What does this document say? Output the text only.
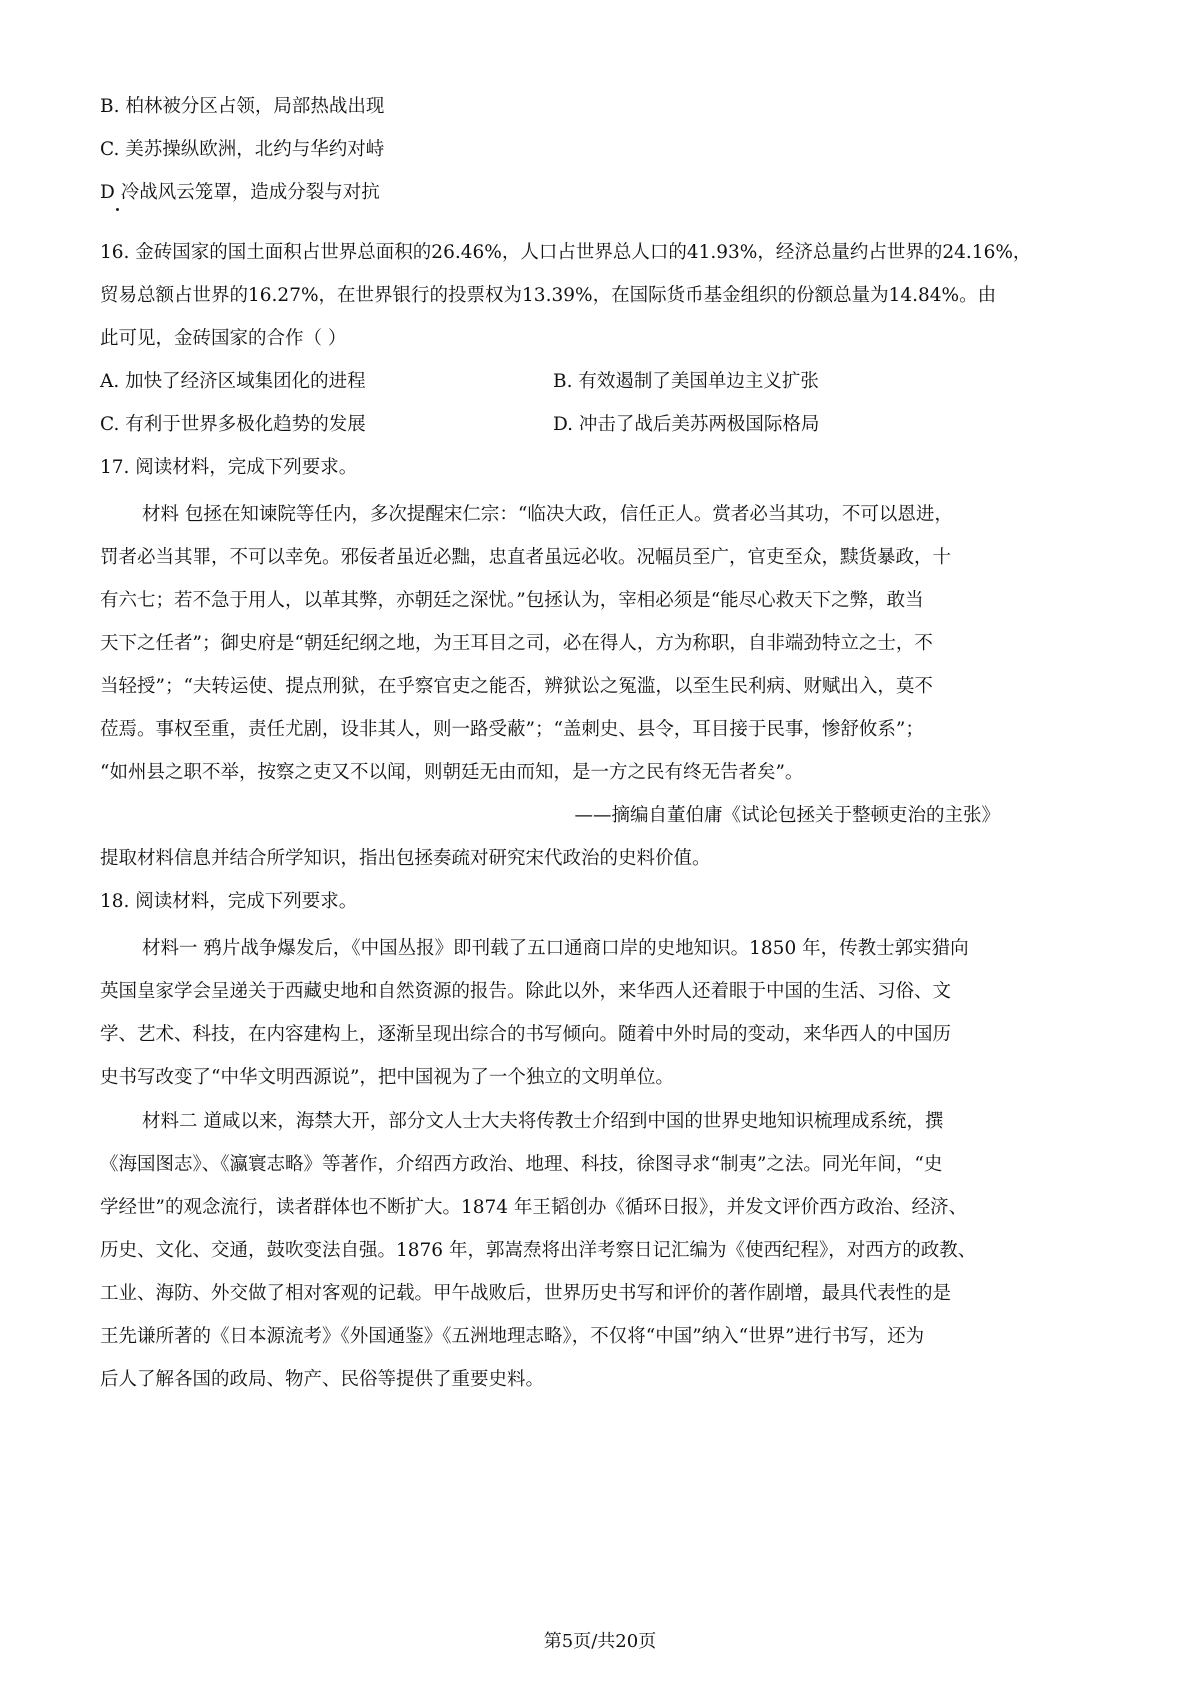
B. 柏林被分区占领，局部热战出现
C. 美苏操纵欧洲，北约与华约对峙
D 冷战风云笼罩，造成分裂与对抗
16. 金砖国家的国土面积占世界总面积的26.46%，人口占世界总人口的41.93%，经济总量约占世界的24.16%，
贸易总额占世界的16.27%，在世界银行的投票权为13.39%，在国际货币基金组织的份额总量为14.84%。由
此可见，金砖国家的合作（ ）
A. 加快了经济区域集团化的进程	B. 有效遏制了美国单边主义扩张
C. 有利于世界多极化趋势的发展	D. 冲击了战后美苏两极国际格局
17. 阅读材料，完成下列要求。
材料 包拯在知谏院等任内，多次提醒宋仁宗：“临决大政，信任正人。赏者必当其功，不可以恩进，
罚者必当其罪，不可以幸免。邪佞者虽近必黜，忠直者虽远必收。况幅员至广，官吏至众，黩货暴政，十
有六七；若不急于用人，以革其弊，亦朝廷之深忧。”包拯认为，宰相必须是“能尽心救天下之弊，敢当
天下之任者”；御史府是“朝廷纪纲之地，为王耳目之司，必在得人，方为称职，自非端劲特立之士，不
当轻授”；“夫转运使、提点刑狱，在乎察官吏之能否，辨狱讼之冤滥，以至生民利病、财赋出入，莫不
莅焉。事权至重，责任尤剧，设非其人，则一路受蔽”；“盖刺史、县令，耳目接于民事，惨舒攸系”；
“如州县之职不举，按察之吏又不以闻，则朝廷无由而知，是一方之民有终无告者矣”。
——摘编自董伯庸《试论包拯关于整顿吏治的主张》
提取材料信息并结合所学知识，指出包拯奏疏对研究宋代政治的史料价值。
18. 阅读材料，完成下列要求。
材料一 鸦片战争爆发后，《中国丛报》即刊载了五口通商口岸的史地知识。1850 年，传教士郭实猎向
英国皇家学会呈递关于西藏史地和自然资源的报告。除此以外，来华西人还着眼于中国的生活、习俗、文
学、艺术、科技，在内容建构上，逐渐呈现出综合的书写倾向。随着中外时局的变动，来华西人的中国历
史书写改变了“中华文明西源说”，把中国视为了一个独立的文明单位。
材料二 道咸以来，海禁大开，部分文人士大夫将传教士介绍到中国的世界史地知识梳理成系统，撰
《海国图志》、《瀛寰志略》等著作，介绍西方政治、地理、科技，徐图寻求“制夷”之法。同光年间，“史
学经世”的观念流行，读者群体也不断扩大。1874 年王韬创办《循环日报》，并发文评价西方政治、经济、
历史、文化、交通，鼓吹变法自强。1876 年，郭嵩焘将出洋考察日记汇编为《使西纪程》，对西方的政教、
工业、海防、外交做了相对客观的记载。甲午战败后，世界历史书写和评价的著作剧增，最具代表性的是
王先谦所著的《日本源流考》《外国通鉴》《五洲地理志略》，不仅将“中国”纳入“世界”进行书写，还为
后人了解各国的政局、物产、民俗等提供了重要史料。
第5页/共20页
